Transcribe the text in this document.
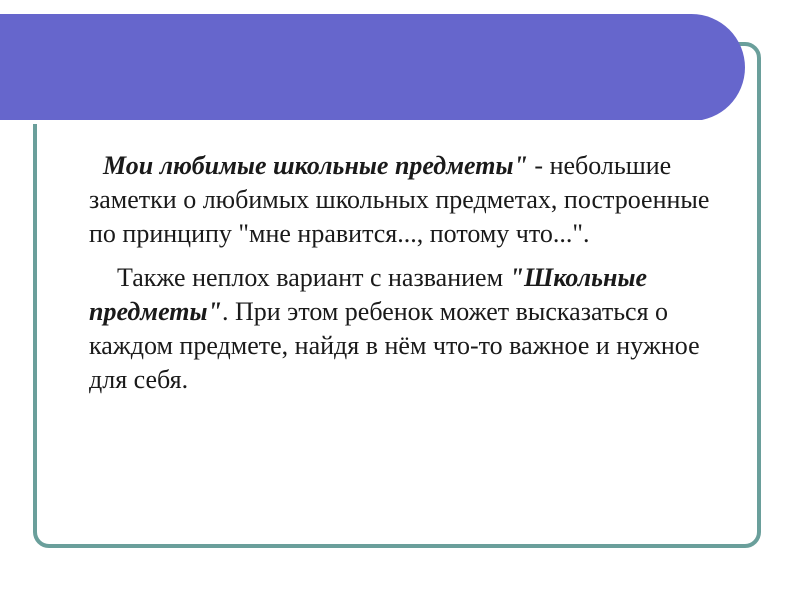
Мои любимые школьные предметы" - небольшие заметки о любимых школьных предметах, построенные по принципу "мне нравится..., потому что...".

Также неплох вариант с названием "Школьные предметы". При этом ребенок может высказаться о каждом предмете, найдя в нём что-то важное и нужное для себя.
